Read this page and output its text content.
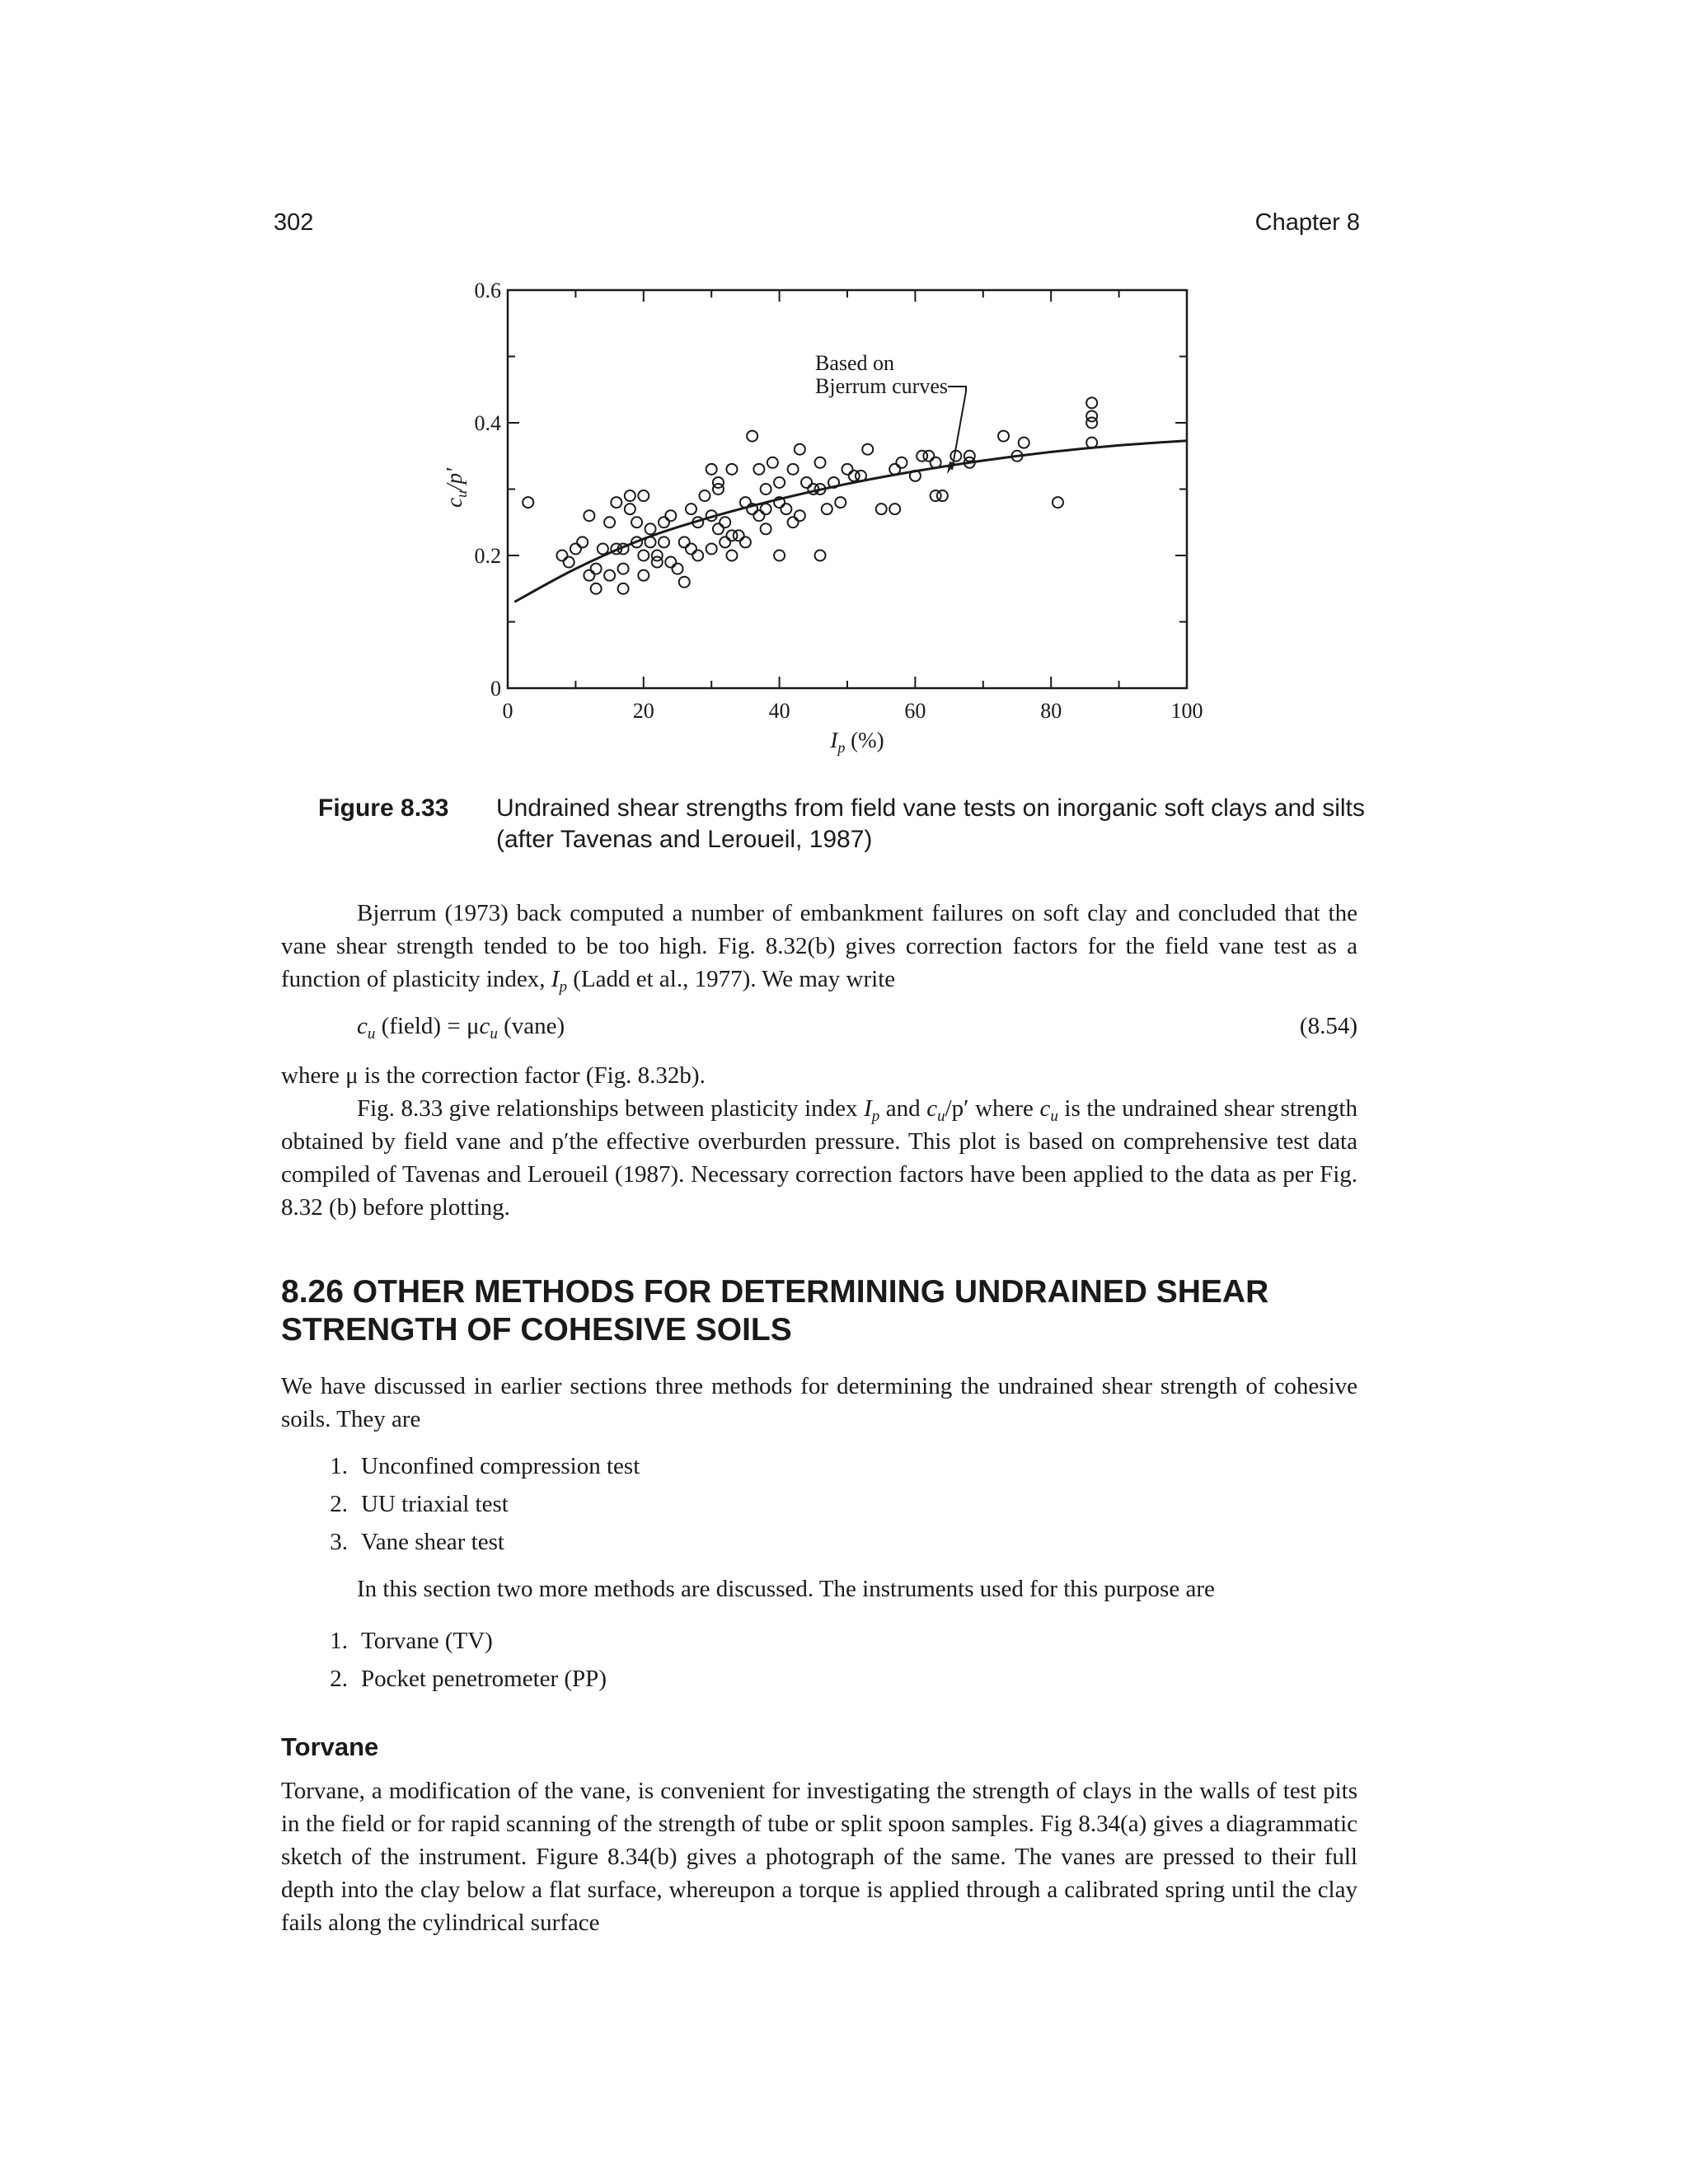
302	Chapter 8
0	20	40	60	80	100
0
0.2
0.4
0.6
Based on
Bjerrum curves
$c_u/p'$
$I_p$ (%)
Figure 8.33 Undrained shear strengths from field vane tests on inorganic soft clays and silts (after Tavenas and Leroueil, 1987)
Bjerrum (1973) back computed a number of embankment failures on soft clay and concluded that the vane shear strength tended to be too high. Fig. 8.32(b) gives correction factors for the field vane test as a function of plasticity index, $I_p$ (Ladd et al., 1977). We may write
$c_u$ (field) = $\mu c_u$ (vane)	(8.54)
where μ is the correction factor (Fig. 8.32b).
Fig. 8.33 give relationships between plasticity index $I_p$ and $c_u/p'$ where $c_u$ is the undrained shear strength obtained by field vane and p′the effective overburden pressure. This plot is based on comprehensive test data compiled of Tavenas and Leroueil (1987). Necessary correction factors have been applied to the data as per Fig. 8.32 (b) before plotting.
8.26 OTHER METHODS FOR DETERMINING UNDRAINED SHEAR STRENGTH OF COHESIVE SOILS
We have discussed in earlier sections three methods for determining the undrained shear strength of cohesive soils. They are
1. Unconfined compression test
2. UU triaxial test
3. Vane shear test
In this section two more methods are discussed. The instruments used for this purpose are
1. Torvane (TV)
2. Pocket penetrometer (PP)
Torvane
Torvane, a modification of the vane, is convenient for investigating the strength of clays in the walls of test pits in the field or for rapid scanning of the strength of tube or split spoon samples. Fig 8.34(a) gives a diagrammatic sketch of the instrument. Figure 8.34(b) gives a photograph of the same. The vanes are pressed to their full depth into the clay below a flat surface, whereupon a torque is applied through a calibrated spring until the clay fails along the cylindrical surface
